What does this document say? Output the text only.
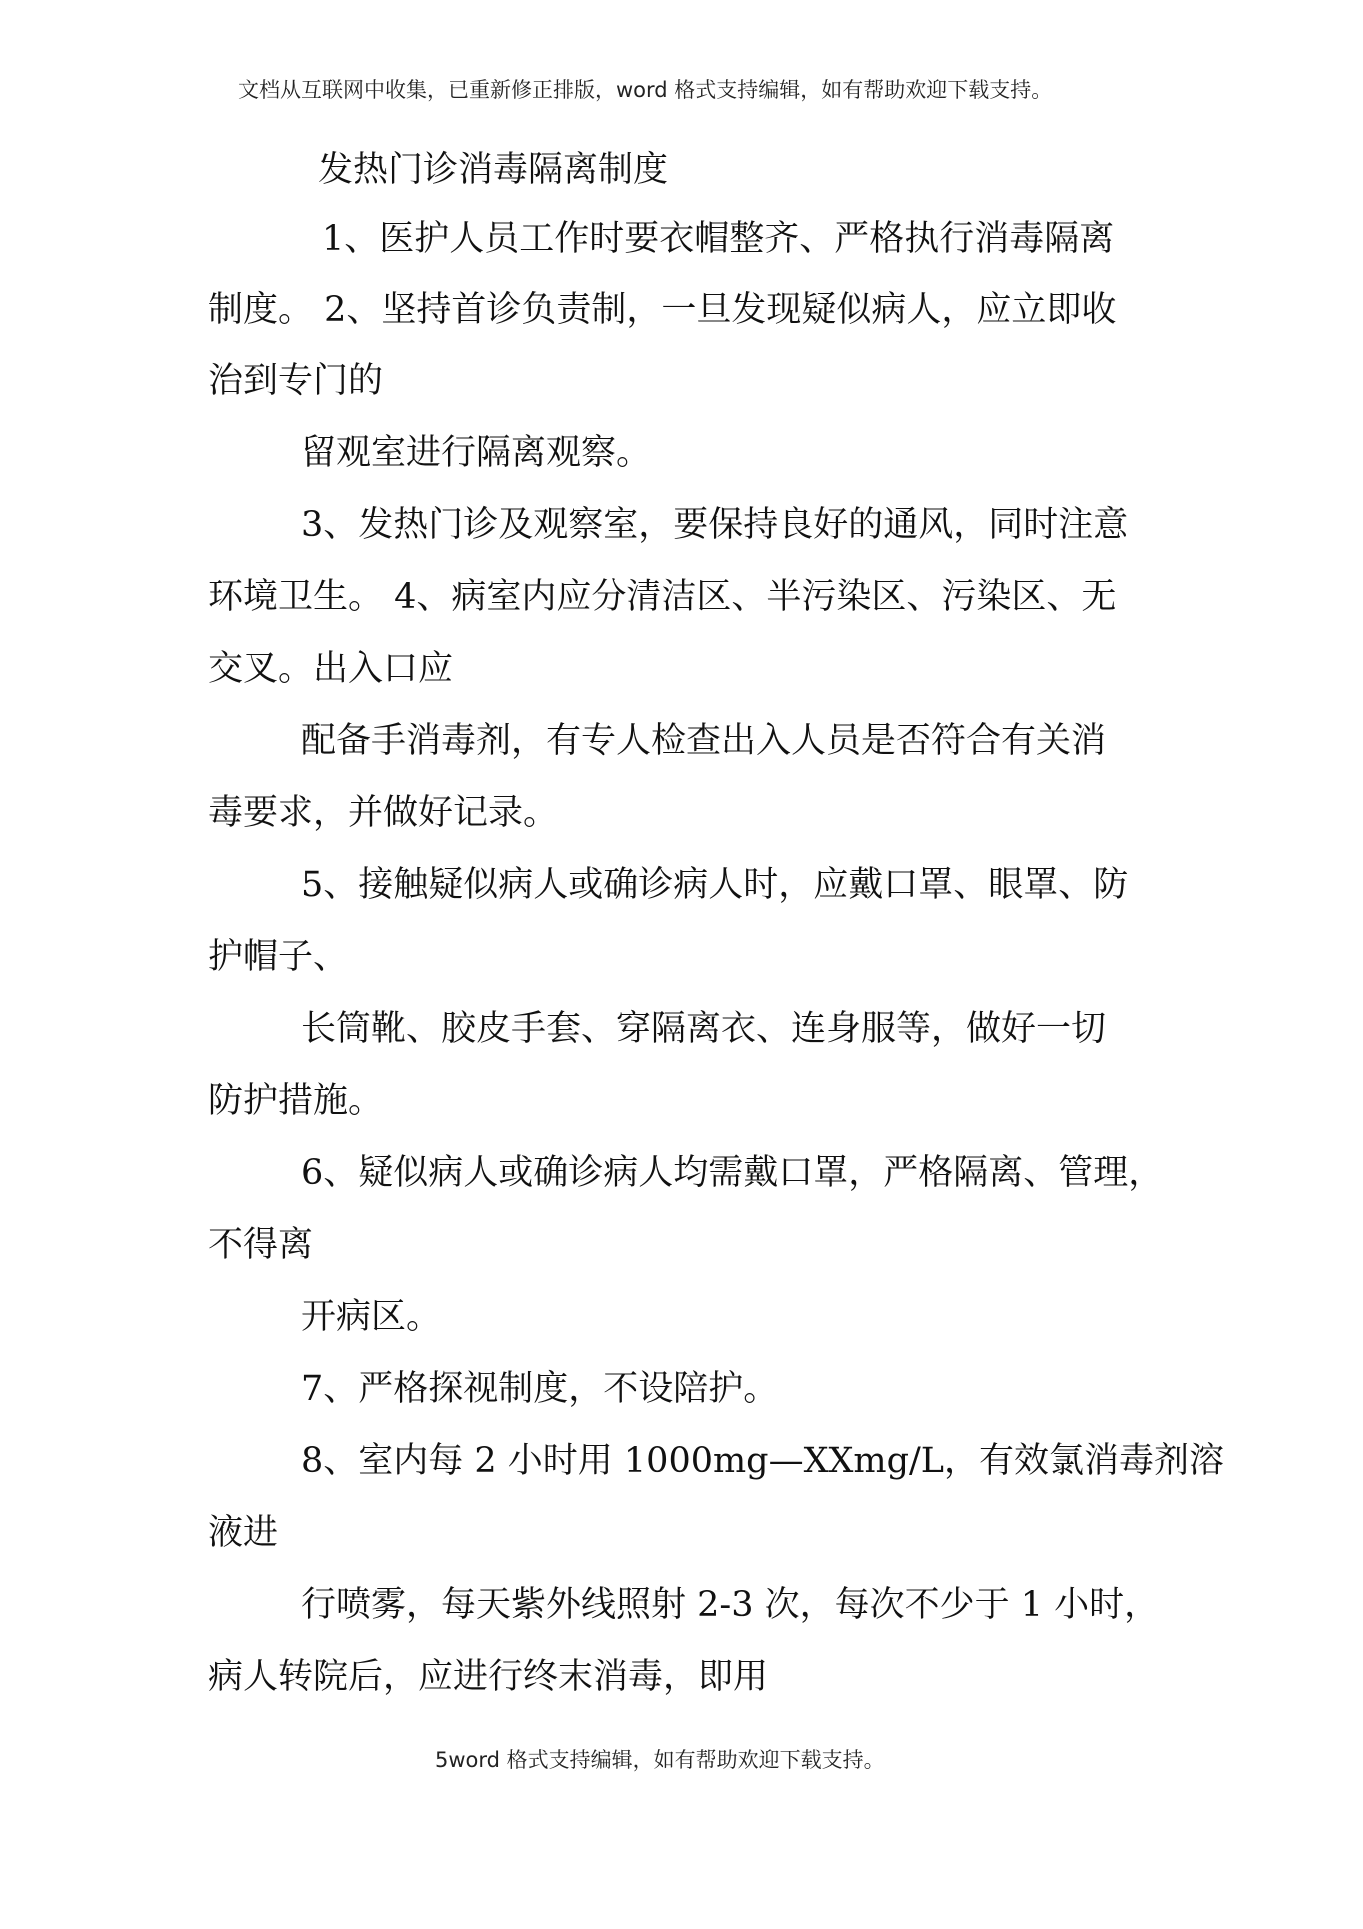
文档从互联网中收集，已重新修正排版，word 格式支持编辑，如有帮助欢迎下载支持。
发热门诊消毒隔离制度
1、医护人员工作时要衣帽整齐、严格执行消毒隔离
制度。 2、坚持首诊负责制，一旦发现疑似病人，应立即收
治到专门的
留观室进行隔离观察。
3、发热门诊及观察室，要保持良好的通风，同时注意
环境卫生。 4、病室内应分清洁区、半污染区、污染区、无
交叉。出入口应
配备手消毒剂，有专人检查出入人员是否符合有关消
毒要求，并做好记录。
5、接触疑似病人或确诊病人时，应戴口罩、眼罩、防
护帽子、
长筒靴、胶皮手套、穿隔离衣、连身服等，做好一切
防护措施。
6、疑似病人或确诊病人均需戴口罩，严格隔离、管理，
不得离
开病区。
7、严格探视制度，不设陪护。
8、室内每 2 小时用 1000mg—XXmg/L，有效氯消毒剂溶
液进
行喷雾，每天紫外线照射 2-3 次，每次不少于 1 小时，
病人转院后，应进行终末消毒，即用
5word 格式支持编辑，如有帮助欢迎下载支持。
